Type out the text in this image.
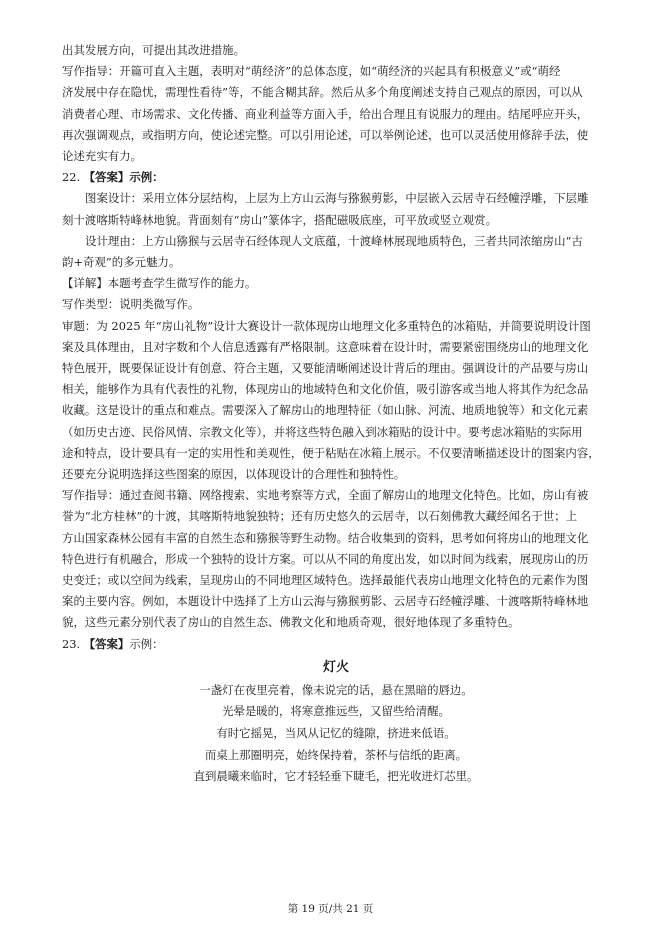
出其发展方向，可提出其改进措施。
写作指导：开篇可直入主题，表明对“萌经济”的总体态度，如“萌经济的兴起具有积极意义”或“萌经
济发展中存在隐忧，需理性看待”等，不能含糊其辞。然后从多个角度阐述支持自己观点的原因，可以从
消费者心理、市场需求、文化传播、商业利益等方面入手，给出合理且有说服力的理由。结尾呼应开头，
再次强调观点，或指明方向，使论述完整。可以引用论述，可以举例论述，也可以灵活使用修辞手法，使
论述充实有力。
22. 【答案】示例：
图案设计：采用立体分层结构，上层为上方山云海与猕猴剪影，中层嵌入云居寺石经幢浮雕，下层雕
刻十渡喀斯特峰林地貌。背面刻有“房山”篆体字，搭配磁吸底座，可平放或竖立观赏。
设计理由：上方山猕猴与云居寺石经体现人文底蕴，十渡峰林展现地质特色，三者共同浓缩房山“古
韵+奇观”的多元魅力。
【详解】本题考查学生微写作的能力。
写作类型：说明类微写作。
审题：为 2025 年“房山礼物”设计大赛设计一款体现房山地理文化多重特色的冰箱贴，并简要说明设计图
案及具体理由，且对字数和个人信息透露有严格限制。这意味着在设计时，需要紧密围绕房山的地理文化
特色展开，既要保证设计有创意、符合主题，又要能清晰阐述设计背后的理由。强调设计的产品要与房山
相关，能够作为具有代表性的礼物，体现房山的地域特色和文化价值，吸引游客或当地人将其作为纪念品
收藏。这是设计的重点和难点。需要深入了解房山的地理特征（如山脉、河流、地质地貌等）和文化元素
（如历史古迹、民俗风情、宗教文化等），并将这些特色融入到冰箱贴的设计中。要考虑冰箱贴的实际用
途和特点，设计要具有一定的实用性和美观性，便于粘贴在冰箱上展示。不仅要清晰描述设计的图案内容，
还要充分说明选择这些图案的原因，以体现设计的合理性和独特性。
写作指导：通过查阅书籍、网络搜索、实地考察等方式，全面了解房山的地理文化特色。比如，房山有被
誉为“北方桂林”的十渡，其喀斯特地貌独特；还有历史悠久的云居寺，以石刻佛教大藏经闻名于世；上
方山国家森林公园有丰富的自然生态和猕猴等野生动物。结合收集到的资料，思考如何将房山的地理文化
特色进行有机融合，形成一个独特的设计方案。可以从不同的角度出发，如以时间为线索，展现房山的历
史变迁；或以空间为线索，呈现房山的不同地理区域特色。选择最能代表房山地理文化特色的元素作为图
案的主要内容。例如，本题设计中选择了上方山云海与猕猴剪影、云居寺石经幢浮雕、十渡喀斯特峰林地
貌，这些元素分别代表了房山的自然生态、佛教文化和地质奇观，很好地体现了多重特色。
23. 【答案】示例：
灯火
一盏灯在夜里亮着，像未说完的话，悬在黑暗的唇边。
光晕是暖的，将寒意推远些，又留些给清醒。
有时它摇晃，当风从记忆的缝隙，挤进来低语。
而桌上那圈明亮，始终保持着，茶杯与信纸的距离。
直到晨曦来临时，它才轻轻垂下睫毛，把光收进灯芯里。
第 19 页/共 21 页
